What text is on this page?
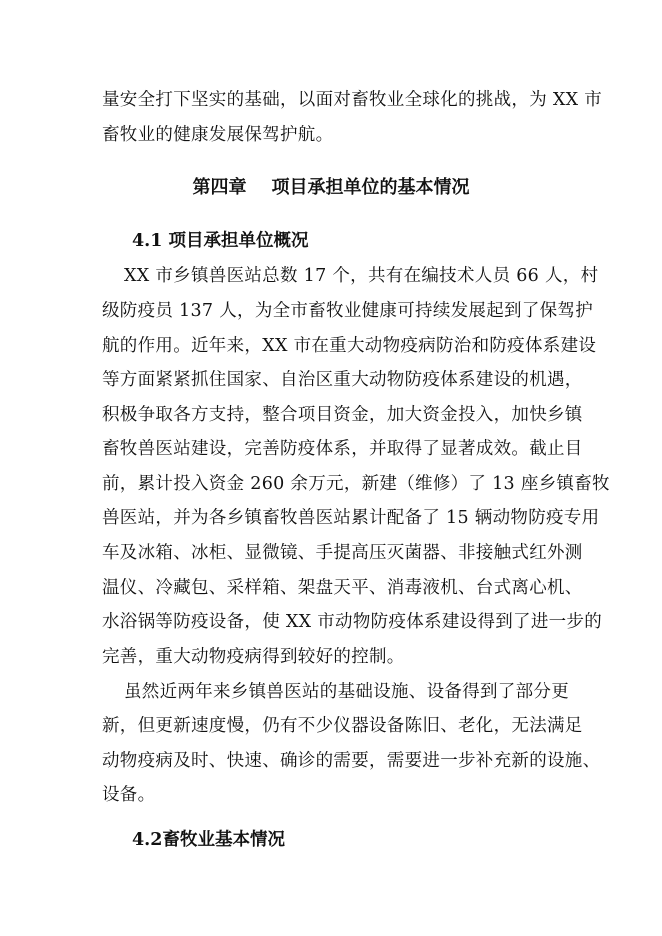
量安全打下坚实的基础，以面对畜牧业全球化的挑战，为 XX 市
畜牧业的健康发展保驾护航。
第四章    项目承担单位的基本情况
4.1 项目承担单位概况
XX 市乡镇兽医站总数 17 个，共有在编技术人员 66 人，村
级防疫员 137 人，为全市畜牧业健康可持续发展起到了保驾护
航的作用。近年来，XX 市在重大动物疫病防治和防疫体系建设
等方面紧紧抓住国家、自治区重大动物防疫体系建设的机遇，
积极争取各方支持，整合项目资金，加大资金投入，加快乡镇
畜牧兽医站建设，完善防疫体系，并取得了显著成效。截止目
前，累计投入资金 260 余万元，新建（维修）了 13 座乡镇畜牧
兽医站，并为各乡镇畜牧兽医站累计配备了 15 辆动物防疫专用
车及冰箱、冰柜、显微镜、手提高压灭菌器、非接触式红外测
温仪、冷藏包、采样箱、架盘天平、消毒液机、台式离心机、
水浴锅等防疫设备，使 XX 市动物防疫体系建设得到了进一步的
完善，重大动物疫病得到较好的控制。
虽然近两年来乡镇兽医站的基础设施、设备得到了部分更
新，但更新速度慢，仍有不少仪器设备陈旧、老化，无法满足
动物疫病及时、快速、确诊的需要，需要进一步补充新的设施、
设备。
4.2畜牧业基本情况
